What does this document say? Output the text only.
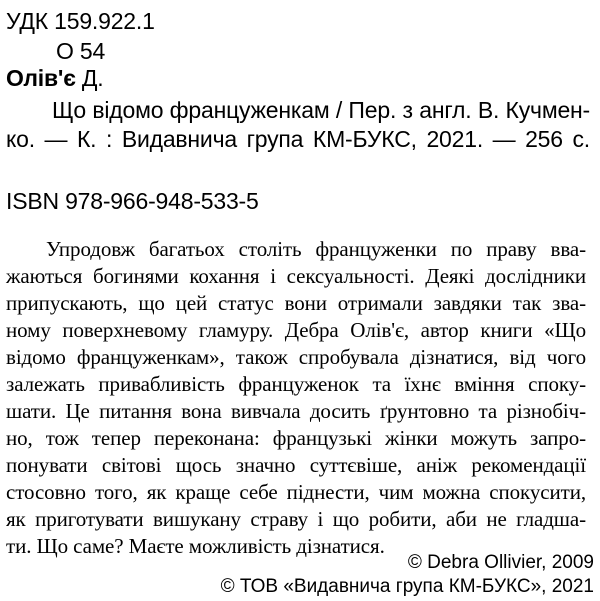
УДК 159.922.1
О 54
Олів'є Д.
Що відомо француженкам / Пер. з англ. В. Кучмен-
ко. — К. : Видавнича група КМ-БУКС, 2021. — 256 с.
ISBN 978-966-948-533-5
Упродовж багатьох століть француженки по праву вва-
жаються богинями кохання і сексуальності. Деякі дослідники
припускають, що цей статус вони отримали завдяки так зва-
ному поверхневому гламуру. Дебра Олів'є, автор книги «Що
відомо француженкам», також спробувала дізнатися, від чого
залежать привабливість француженок та їхнє вміння споку-
шати. Це питання вона вивчала досить ґрунтовно та різнобіч-
но, тож тепер переконана: французькі жінки можуть запро-
понувати світові щось значно суттєвіше, аніж рекомендації
стосовно того, як краще себе піднести, чим можна спокусити,
як приготувати вишукану страву і що робити, аби не гладша-
ти. Що саме? Маєте можливість дізнатися.
© Debra Ollivier, 2009
© ТОВ «Видавнича група КМ-БУКС», 2021
